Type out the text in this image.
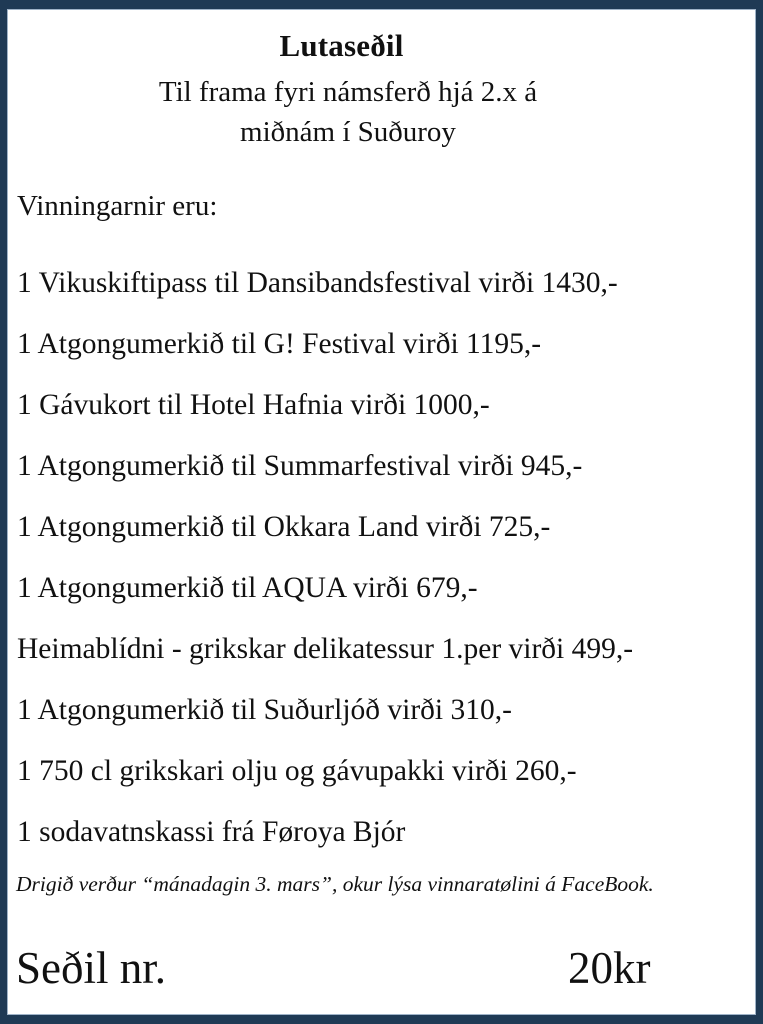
Lutaseðil
Til frama fyri námsferð hjá 2.x á
miðnám í Suðuroy
Vinningarnir eru:
1 Vikuskiftipass til Dansibandsfestival virði 1430,-
1 Atgongumerkið til G! Festival virði 1195,-
1 Gávukort til Hotel Hafnia virði 1000,-
1 Atgongumerkið til Summarfestival virði 945,-
1 Atgongumerkið til Okkara Land virði 725,-
1 Atgongumerkið til AQUA virði 679,-
Heimablídni - grikskar delikatessur 1.per virði 499,-
1 Atgongumerkið til Suðurljóð virði 310,-
1 750 cl grikskari olju og gávupakki virði 260,-
1 sodavatnskassi frá Føroya Bjór
Drigið verður “mánadagin 3. mars”, okur lýsa vinnaratølini á FaceBook.
Seðil nr.	20kr
